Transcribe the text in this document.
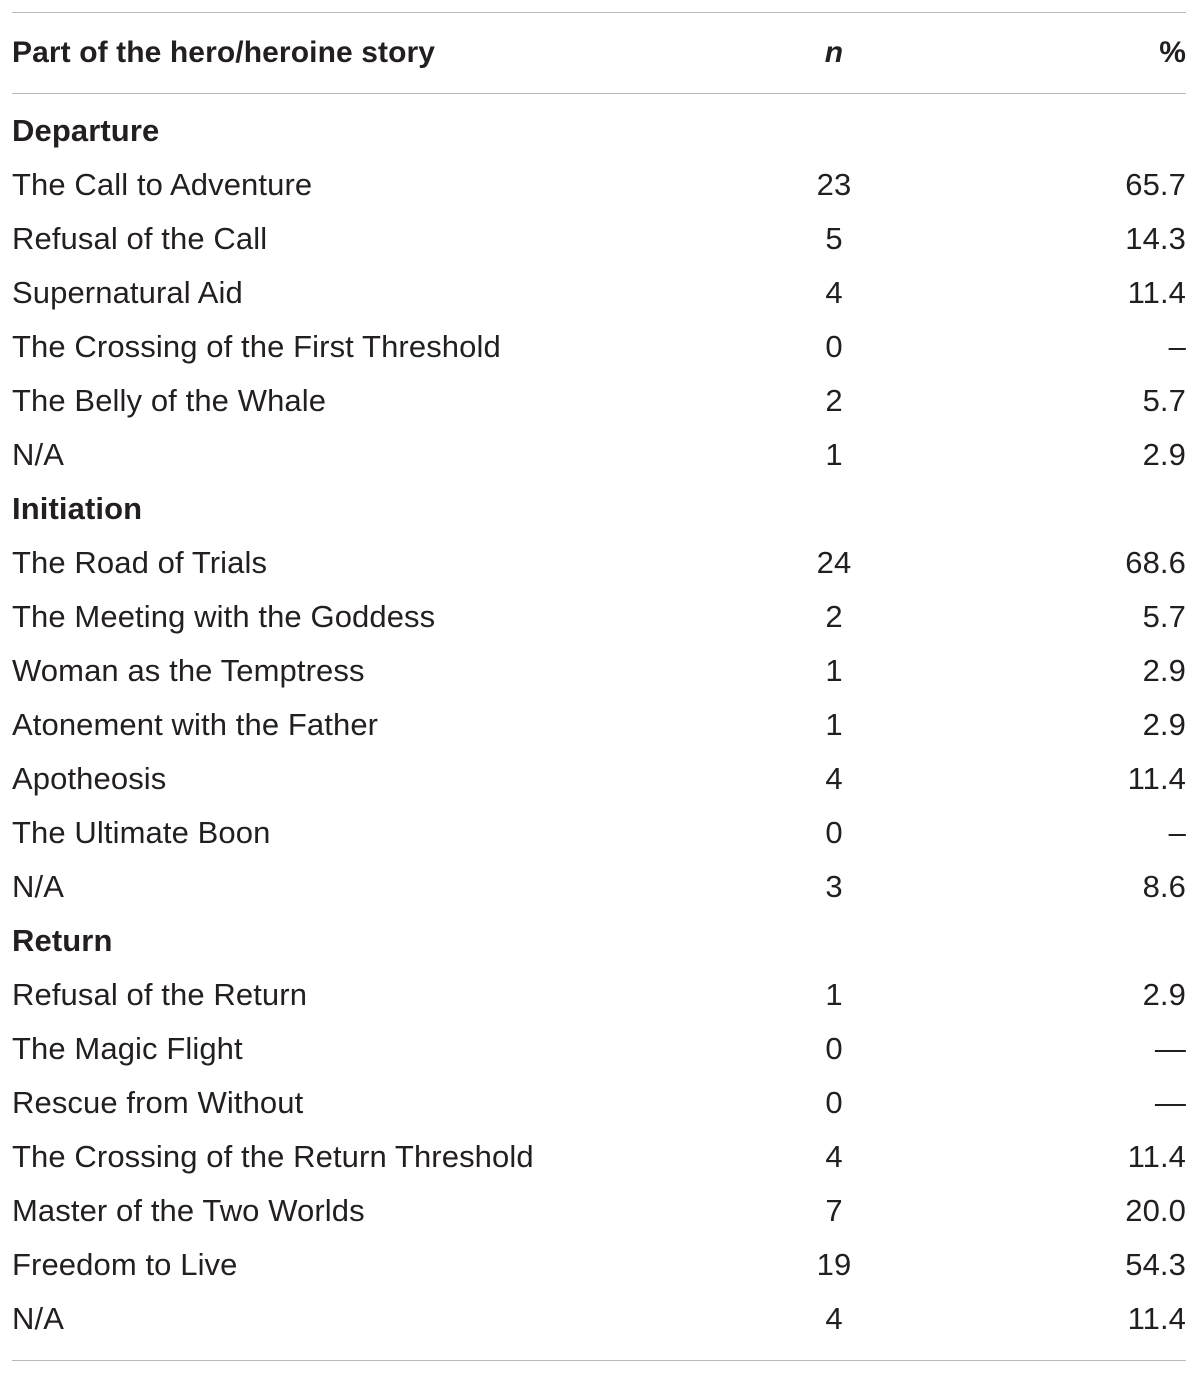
Part of the hero/heroine story	n	%
Departure
The Call to Adventure	23	65.7
Refusal of the Call	5	14.3
Supernatural Aid	4	11.4
The Crossing of the First Threshold	0	–
The Belly of the Whale	2	5.7
N/A	1	2.9
Initiation
The Road of Trials	24	68.6
The Meeting with the Goddess	2	5.7
Woman as the Temptress	1	2.9
Atonement with the Father	1	2.9
Apotheosis	4	11.4
The Ultimate Boon	0	–
N/A	3	8.6
Return
Refusal of the Return	1	2.9
The Magic Flight	0	—
Rescue from Without	0	—
The Crossing of the Return Threshold	4	11.4
Master of the Two Worlds	7	20.0
Freedom to Live	19	54.3
N/A	4	11.4
